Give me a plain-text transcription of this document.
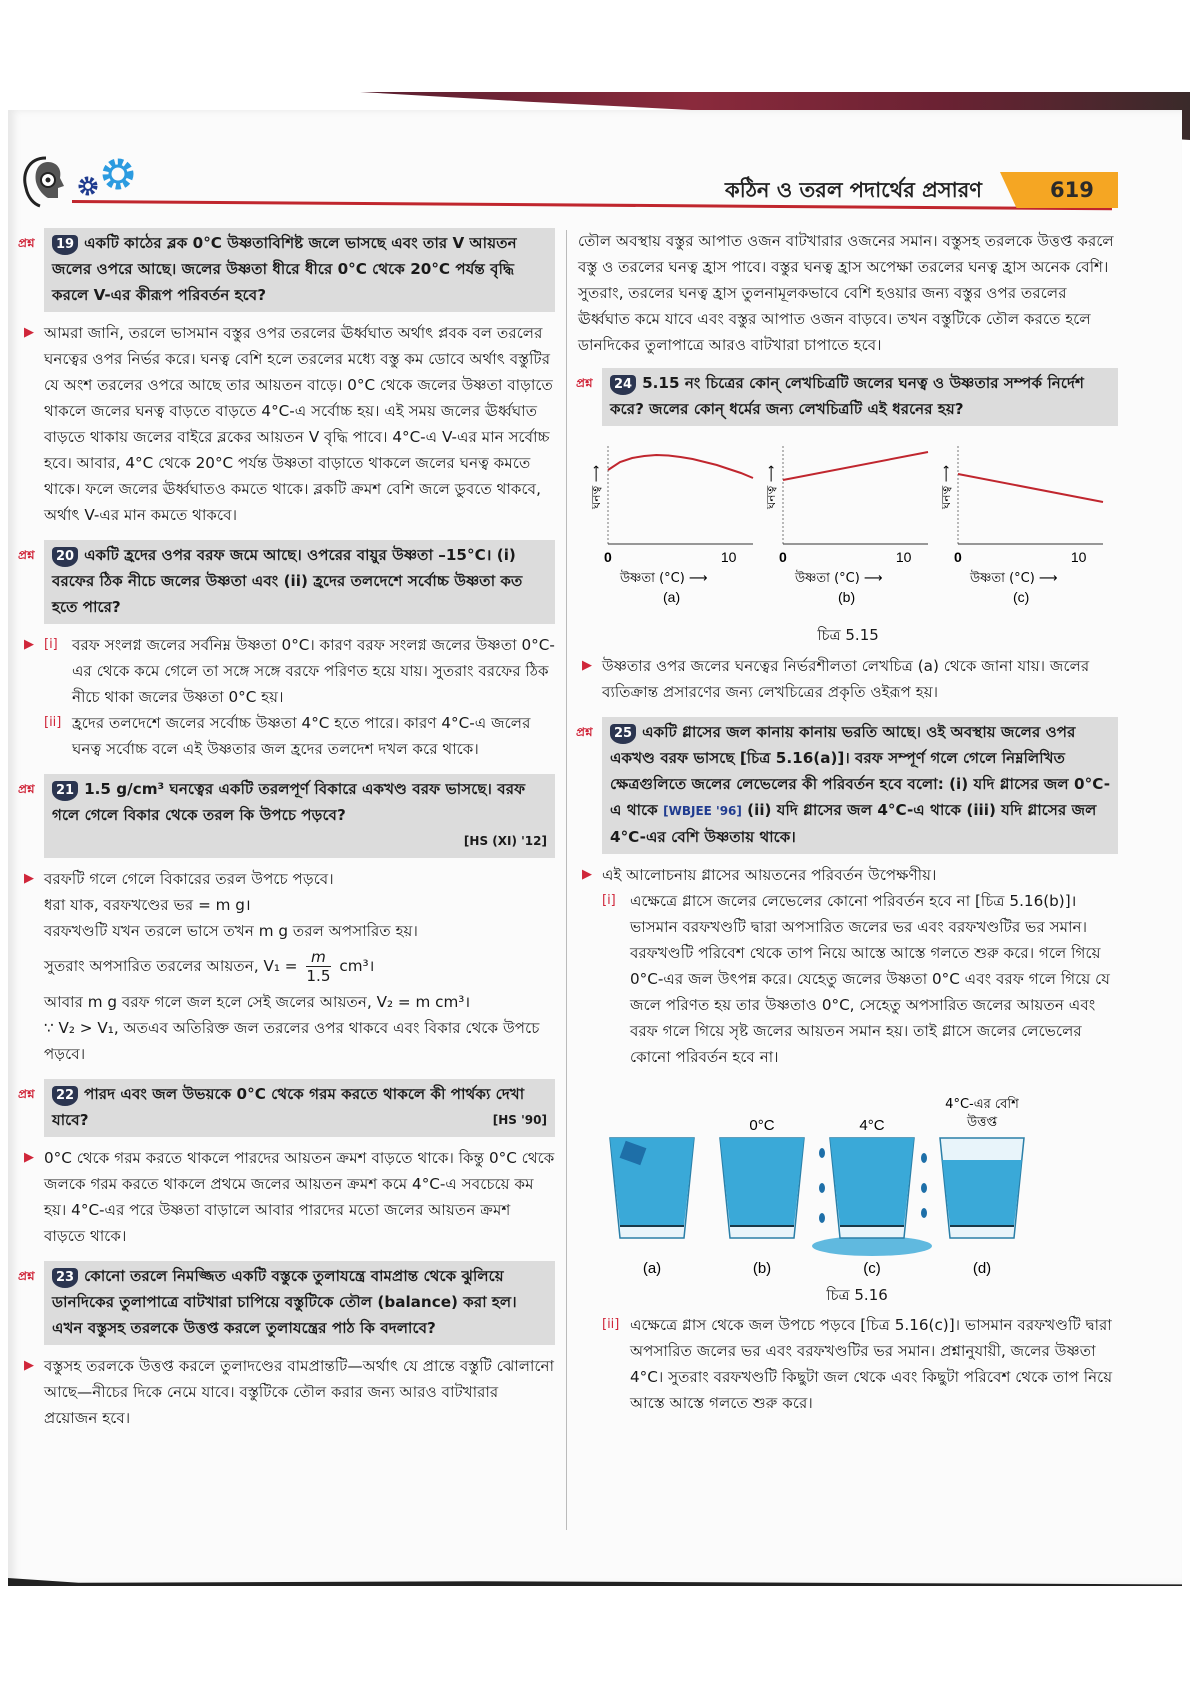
কঠিন ও তরল পদার্থের প্রসারণ	619
প্রশ্ন 19 একটি কাঠের ব্লক 0°C উষ্ণতাবিশিষ্ট জলে ভাসছে এবং তার V আয়তন জলের ওপরে আছে। জলের উষ্ণতা ধীরে ধীরে 0°C থেকে 20°C পর্যন্ত বৃদ্ধি করলে V-এর কীরূপ পরিবর্তন হবে?
▶ আমরা জানি, তরলে ভাসমান বস্তুর ওপর তরলের ঊর্ধ্বঘাত অর্থাৎ প্লবক বল তরলের ঘনত্বের ওপর নির্ভর করে। ঘনত্ব বেশি হলে তরলের মধ্যে বস্তু কম ডোবে অর্থাৎ বস্তুটির যে অংশ তরলের ওপরে আছে তার আয়তন বাড়ে। 0°C থেকে জলের উষ্ণতা বাড়াতে থাকলে জলের ঘনত্ব বাড়তে বাড়তে 4°C-এ সর্বোচ্চ হয়। এই সময় জলের ঊর্ধ্বঘাত বাড়তে থাকায় জলের বাইরে ব্লকের আয়তন V বৃদ্ধি পাবে। 4°C-এ V-এর মান সর্বোচ্চ হবে। আবার, 4°C থেকে 20°C পর্যন্ত উষ্ণতা বাড়াতে থাকলে জলের ঘনত্ব কমতে থাকে। ফলে জলের ঊর্ধ্বঘাতও কমতে থাকে। ব্লকটি ক্রমশ বেশি জলে ডুবতে থাকবে, অর্থাৎ V-এর মান কমতে থাকবে।

প্রশ্ন 20 একটি হ্রদের ওপর বরফ জমে আছে। ওপরের বায়ুর উষ্ণতা –15°C। (i) বরফের ঠিক নীচে জলের উষ্ণতা এবং (ii) হ্রদের তলদেশে সর্বোচ্চ উষ্ণতা কত হতে পারে?
▶ [i] বরফ সংলগ্ন জলের সর্বনিম্ন উষ্ণতা 0°C। কারণ বরফ সংলগ্ন জলের উষ্ণতা 0°C-এর থেকে কমে গেলে তা সঙ্গে সঙ্গে বরফে পরিণত হয়ে যায়। সুতরাং বরফের ঠিক নীচে থাকা জলের উষ্ণতা 0°C হয়।
[ii] হ্রদের তলদেশে জলের সর্বোচ্চ উষ্ণতা 4°C হতে পারে। কারণ 4°C-এ জলের ঘনত্ব সর্বোচ্চ বলে এই উষ্ণতার জল হ্রদের তলদেশ দখল করে থাকে।
প্রশ্ন 21 1.5 g/cm³ ঘনত্বের একটি তরলপূর্ণ বিকারে একখণ্ড বরফ ভাসছে। বরফ গলে গেলে বিকার থেকে তরল কি উপচে পড়বে?
[HS (XI) '12]
▶ বরফটি গলে গেলে বিকারের তরল উপচে পড়বে।

ধরা যাক, বরফখণ্ডের ভর = m g।

বরফখণ্ডটি যখন তরলে ভাসে তখন m g তরল অপসারিত হয়।

সুতরাং অপসারিত তরলের আয়তন, $V_1 = \frac{m}{1.5}$ cm³।

আবার m g বরফ গলে জল হলে সেই জলের আয়তন, V₂ = m cm³।

∵ V₂ > V₁, অতএব অতিরিক্ত জল তরলের ওপর থাকবে এবং বিকার থেকে উপচে পড়বে।

প্রশ্ন 22 পারদ এবং জল উভয়কে 0°C থেকে গরম করতে থাকলে কী পার্থক্য দেখা যাবে?	[HS '90]
▶ 0°C থেকে গরম করতে থাকলে পারদের আয়তন ক্রমশ বাড়তে থাকে। কিন্তু 0°C থেকে জলকে গরম করতে থাকলে প্রথমে জলের আয়তন ক্রমশ কমে 4°C-এ সবচেয়ে কম হয়। 4°C-এর পরে উষ্ণতা বাড়ালে আবার পারদের মতো জলের আয়তন ক্রমশ বাড়তে থাকে।

প্রশ্ন 23 কোনো তরলে নিমজ্জিত একটি বস্তুকে তুলাযন্ত্রে বামপ্রান্ত থেকে ঝুলিয়ে ডানদিকের তুলাপাত্রে বাটখারা চাপিয়ে বস্তুটিকে তৌল (balance) করা হল। এখন বস্তুসহ তরলকে উত্তপ্ত করলে তুলাযন্ত্রের পাঠ কি বদলাবে?
▶ বস্তুসহ তরলকে উত্তপ্ত করলে তুলাদণ্ডের বামপ্রান্তটি—অর্থাৎ যে প্রান্তে বস্তুটি ঝোলানো আছে—নীচের দিকে নেমে যাবে। বস্তুটিকে তৌল করার জন্য আরও বাটখারার প্রয়োজন হবে।

তৌল অবস্থায় বস্তুর আপাত ওজন বাটখারার ওজনের সমান। বস্তুসহ তরলকে উত্তপ্ত করলে বস্তু ও তরলের ঘনত্ব হ্রাস পাবে। বস্তুর ঘনত্ব হ্রাস অপেক্ষা তরলের ঘনত্ব হ্রাস অনেক বেশি। সুতরাং, তরলের ঘনত্ব হ্রাস তুলনামূলকভাবে বেশি হওয়ার জন্য বস্তুর ওপর তরলের ঊর্ধ্বঘাত কমে যাবে এবং বস্তুর আপাত ওজন বাড়বে। তখন বস্তুটিকে তৌল করতে হলে ডানদিকের তুলাপাত্রে আরও বাটখারা চাপাতে হবে।

প্রশ্ন 24 5.15 নং চিত্রের কোন্ লেখচিত্রটি জলের ঘনত্ব ও উষ্ণতার সম্পর্ক নির্দেশ করে? জলের কোন্ ধর্মের জন্য লেখচিত্রটি এই ধরনের হয়?
0	10
উষ্ণতা (°C) ⟶
ঘনত্ব ⟶
(a)
0	10
উষ্ণতা (°C) ⟶
ঘনত্ব ⟶
(b)
0	10
উষ্ণতা (°C) ⟶
ঘনত্ব ⟶
(c)
চিত্র 5.15
▶ উষ্ণতার ওপর জলের ঘনত্বের নির্ভরশীলতা লেখচিত্র (a) থেকে জানা যায়। জলের ব্যতিক্রান্ত প্রসারণের জন্য লেখচিত্রের প্রকৃতি ওইরূপ হয়।

প্রশ্ন 25 একটি গ্লাসের জল কানায় কানায় ভরতি আছে। ওই অবস্থায় জলের ওপর একখণ্ড বরফ ভাসছে [চিত্র 5.16(a)]। বরফ সম্পূর্ণ গলে গেলে নিম্নলিখিত ক্ষেত্রগুলিতে জলের লেভেলের কী পরিবর্তন হবে বলো: (i) যদি গ্লাসের জল 0°C-এ থাকে [WBJEE '96] (ii) যদি গ্লাসের জল 4°C-এ থাকে (iii) যদি গ্লাসের জল 4°C-এর বেশি উষ্ণতায় থাকে।
▶ এই আলোচনায় গ্লাসের আয়তনের পরিবর্তন উপেক্ষণীয়।

[i] এক্ষেত্রে গ্লাসে জলের লেভেলের কোনো পরিবর্তন হবে না [চিত্র 5.16(b)]।

ভাসমান বরফখণ্ডটি দ্বারা অপসারিত জলের ভর এবং বরফখণ্ডটির ভর সমান। বরফখণ্ডটি পরিবেশ থেকে তাপ নিয়ে আস্তে আস্তে গলতে শুরু করে। গলে গিয়ে 0°C-এর জল উৎপন্ন করে। যেহেতু জলের উষ্ণতা 0°C এবং বরফ গলে গিয়ে যে জলে পরিণত হয় তার উষ্ণতাও 0°C, সেহেতু অপসারিত জলের আয়তন এবং বরফ গলে গিয়ে সৃষ্ট জলের আয়তন সমান হয়। তাই গ্লাসে জলের লেভেলের কোনো পরিবর্তন হবে না।

(a)	(b)
0°C
(c)
4°C
(d)
4°C-এর বেশি
উত্তপ্ত
চিত্র 5.16
[ii] এক্ষেত্রে গ্লাস থেকে জল উপচে পড়বে [চিত্র 5.16(c)]। ভাসমান বরফখণ্ডটি দ্বারা অপসারিত জলের ভর এবং বরফখণ্ডটির ভর সমান। প্রশ্নানুযায়ী, জলের উষ্ণতা 4°C। সুতরাং বরফখণ্ডটি কিছুটা জল থেকে এবং কিছুটা পরিবেশ থেকে তাপ নিয়ে আস্তে আস্তে গলতে শুরু করে।
